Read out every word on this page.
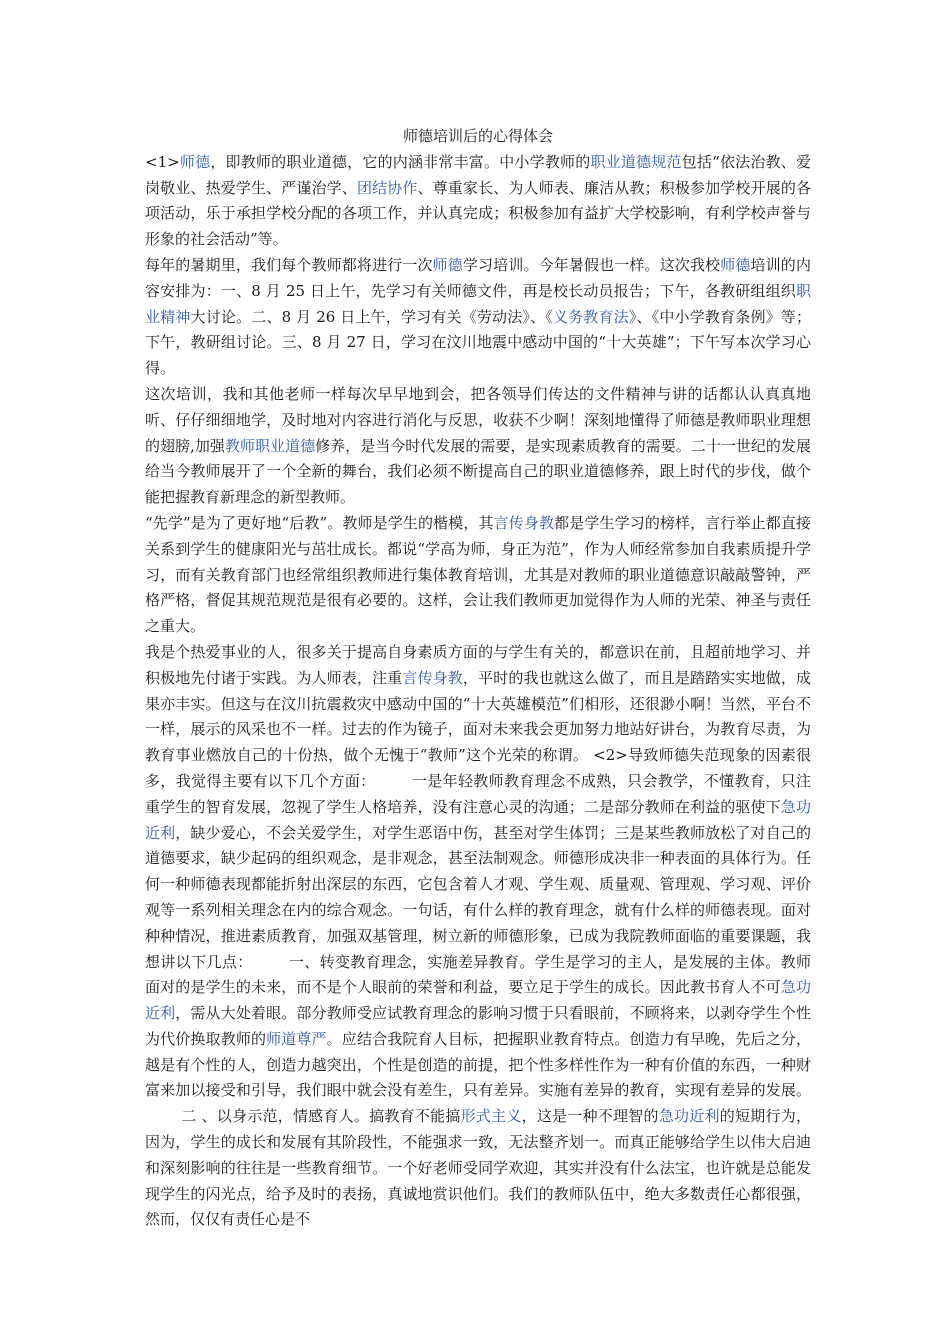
师德培训后的心得体会

<1>师德，即教师的职业道德，它的内涵非常丰富。中小学教师的职业道德规范包括“依法治教、爱岗敬业、热爱学生、严谨治学、团结协作、尊重家长、为人师表、廉洁从教；积极参加学校开展的各项活动，乐于承担学校分配的各项工作，并认真完成；积极参加有益扩大学校影响，有利学校声誉与形象的社会活动”等。

每年的暑期里，我们每个教师都将进行一次师德学习培训。今年暑假也一样。这次我校师德培训的内容安排为：一、8 月 25 日上午，先学习有关师德文件，再是校长动员报告；下午，各教研组组织职业精神大讨论。二、8 月 26 日上午，学习有关《劳动法》、《义务教育法》、《中小学教育条例》等；下午，教研组讨论。三、8 月 27 日，学习在汶川地震中感动中国的“十大英雄”；下午写本次学习心得。

这次培训，我和其他老师一样每次早早地到会，把各领导们传达的文件精神与讲的话都认认真真地听、仔仔细细地学，及时地对内容进行消化与反思，收获不少啊！深刻地懂得了师德是教师职业理想的翅膀,加强教师职业道德修养，是当今时代发展的需要，是实现素质教育的需要。二十一世纪的发展给当今教师展开了一个全新的舞台，我们必须不断提高自己的职业道德修养，跟上时代的步伐，做个能把握教育新理念的新型教师。

“先学”是为了更好地“后教”。教师是学生的楷模，其言传身教都是学生学习的榜样，言行举止都直接关系到学生的健康阳光与茁壮成长。都说“学高为师，身正为范”，作为人师经常参加自我素质提升学习，而有关教育部门也经常组织教师进行集体教育培训，尤其是对教师的职业道德意识敲敲警钟，严格严格，督促其规范规范是很有必要的。这样，会让我们教师更加觉得作为人师的光荣、神圣与责任之重大。

我是个热爱事业的人，很多关于提高自身素质方面的与学生有关的，都意识在前，且超前地学习、并积极地先付诸于实践。为人师表，注重言传身教，平时的我也就这么做了，而且是踏踏实实地做，成果亦丰实。但这与在汶川抗震救灾中感动中国的“十大英雄模范”们相形，还很渺小啊！当然，平台不一样，展示的风采也不一样。过去的作为镜子，面对未来我会更加努力地站好讲台，为教育尽责，为教育事业燃放自己的十份热，做个无愧于“教师”这个光荣的称谓。 <2>导致师德失范现象的因素很多，我觉得主要有以下几个方面： 一是年轻教师教育理念不成熟，只会教学，不懂教育，只注重学生的智育发展，忽视了学生人格培养，没有注意心灵的沟通；二是部分教师在利益的驱使下急功近利，缺少爱心，不会关爱学生，对学生恶语中伤，甚至对学生体罚；三是某些教师放松了对自己的道德要求，缺少起码的组织观念，是非观念，甚至法制观念。师德形成决非一种表面的具体行为。任何一种师德表现都能折射出深层的东西，它包含着人才观、学生观、质量观、管理观、学习观、评价观等一系列相关理念在内的综合观念。一句话，有什么样的教育理念，就有什么样的师德表现。面对种种情况，推进素质教育，加强双基管理，树立新的师德形象，已成为我院教师面临的重要课题，我想讲以下几点： 一、转变教育理念，实施差异教育。学生是学习的主人，是发展的主体。教师面对的是学生的未来，而不是个人眼前的荣誉和利益，要立足于学生的成长。因此教书育人不可急功近利，需从大处着眼。部分教师受应试教育理念的影响习惯于只看眼前，不顾将来，以剥夺学生个性为代价换取教师的师道尊严。应结合我院育人目标，把握职业教育特点。创造力有早晚，先后之分，越是有个性的人，创造力越突出，个性是创造的前提，把个性多样性作为一种有价值的东西，一种财富来加以接受和引导，我们眼中就会没有差生，只有差异。实施有差异的教育，实现有差异的发展。二 、以身示范，情感育人。搞教育不能搞形式主义，这是一种不理智的急功近利的短期行为，因为，学生的成长和发展有其阶段性，不能强求一致，无法整齐划一。而真正能够给学生以伟大启迪和深刻影响的往往是一些教育细节。一个好老师受同学欢迎，其实并没有什么法宝，也许就是总能发现学生的闪光点，给予及时的表扬，真诚地赏识他们。我们的教师队伍中，绝大多数责任心都很强，然而，仅仅有责任心是不
